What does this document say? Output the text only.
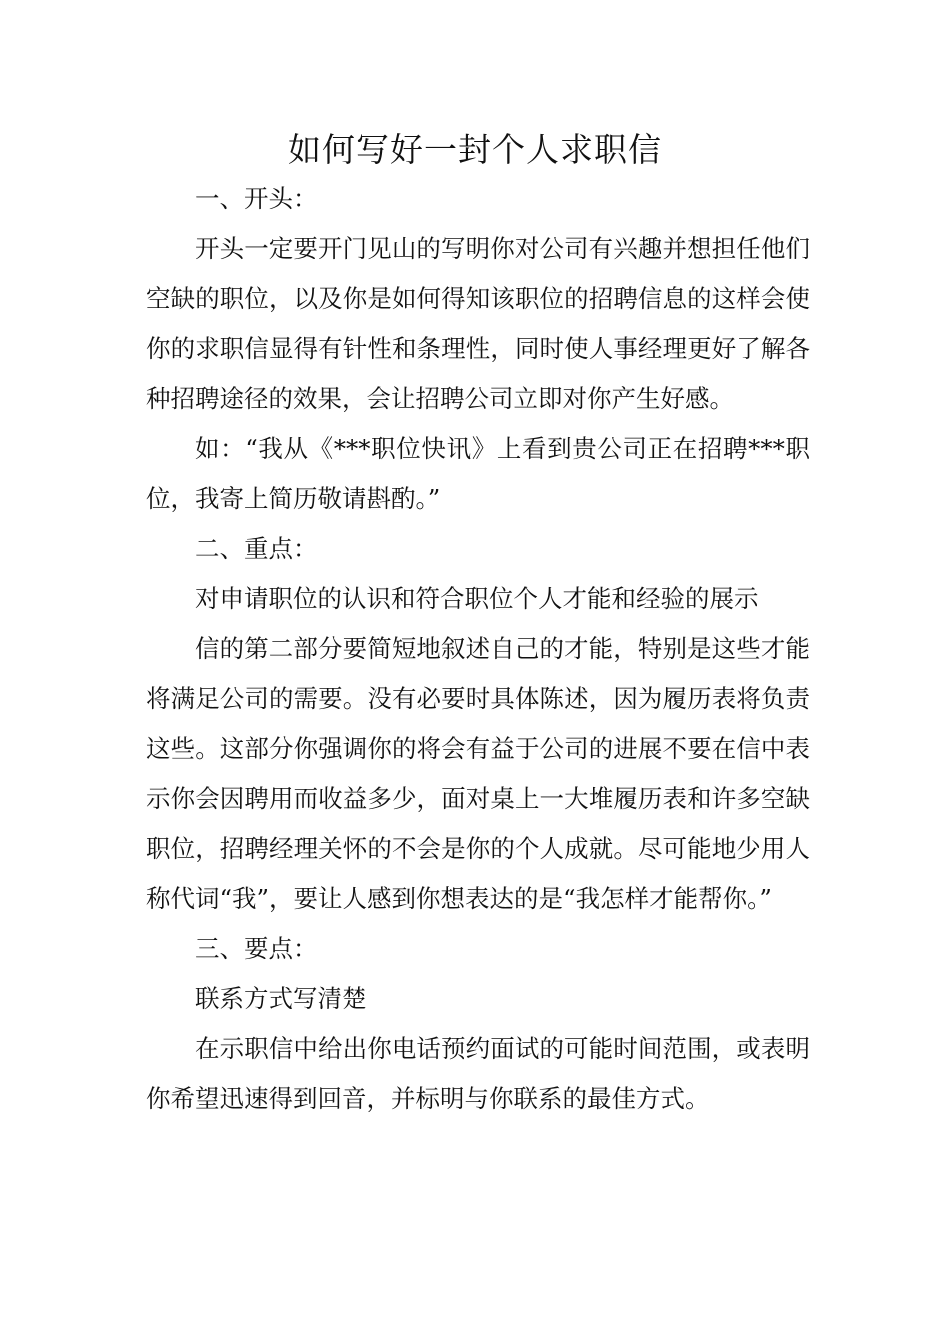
如何写好一封个人求职信

一、开头：

开头一定要开门见山的写明你对公司有兴趣并想担任他们空缺的职位，以及你是如何得知该职位的招聘信息的这样会使你的求职信显得有针性和条理性，同时使人事经理更好了解各种招聘途径的效果，会让招聘公司立即对你产生好感。

如：“我从《***职位快讯》上看到贵公司正在招聘***职位，我寄上简历敬请斟酌。”

二、重点：

对申请职位的认识和符合职位个人才能和经验的展示

信的第二部分要简短地叙述自己的才能，特别是这些才能将满足公司的需要。没有必要时具体陈述，因为履历表将负责这些。这部分你强调你的将会有益于公司的进展不要在信中表示你会因聘用而收益多少，面对桌上一大堆履历表和许多空缺职位，招聘经理关怀的不会是你的个人成就。尽可能地少用人称代词“我”，要让人感到你想表达的是“我怎样才能帮你。”

三、要点：

联系方式写清楚

在示职信中给出你电话预约面试的可能时间范围，或表明你希望迅速得到回音，并标明与你联系的最佳方式。
